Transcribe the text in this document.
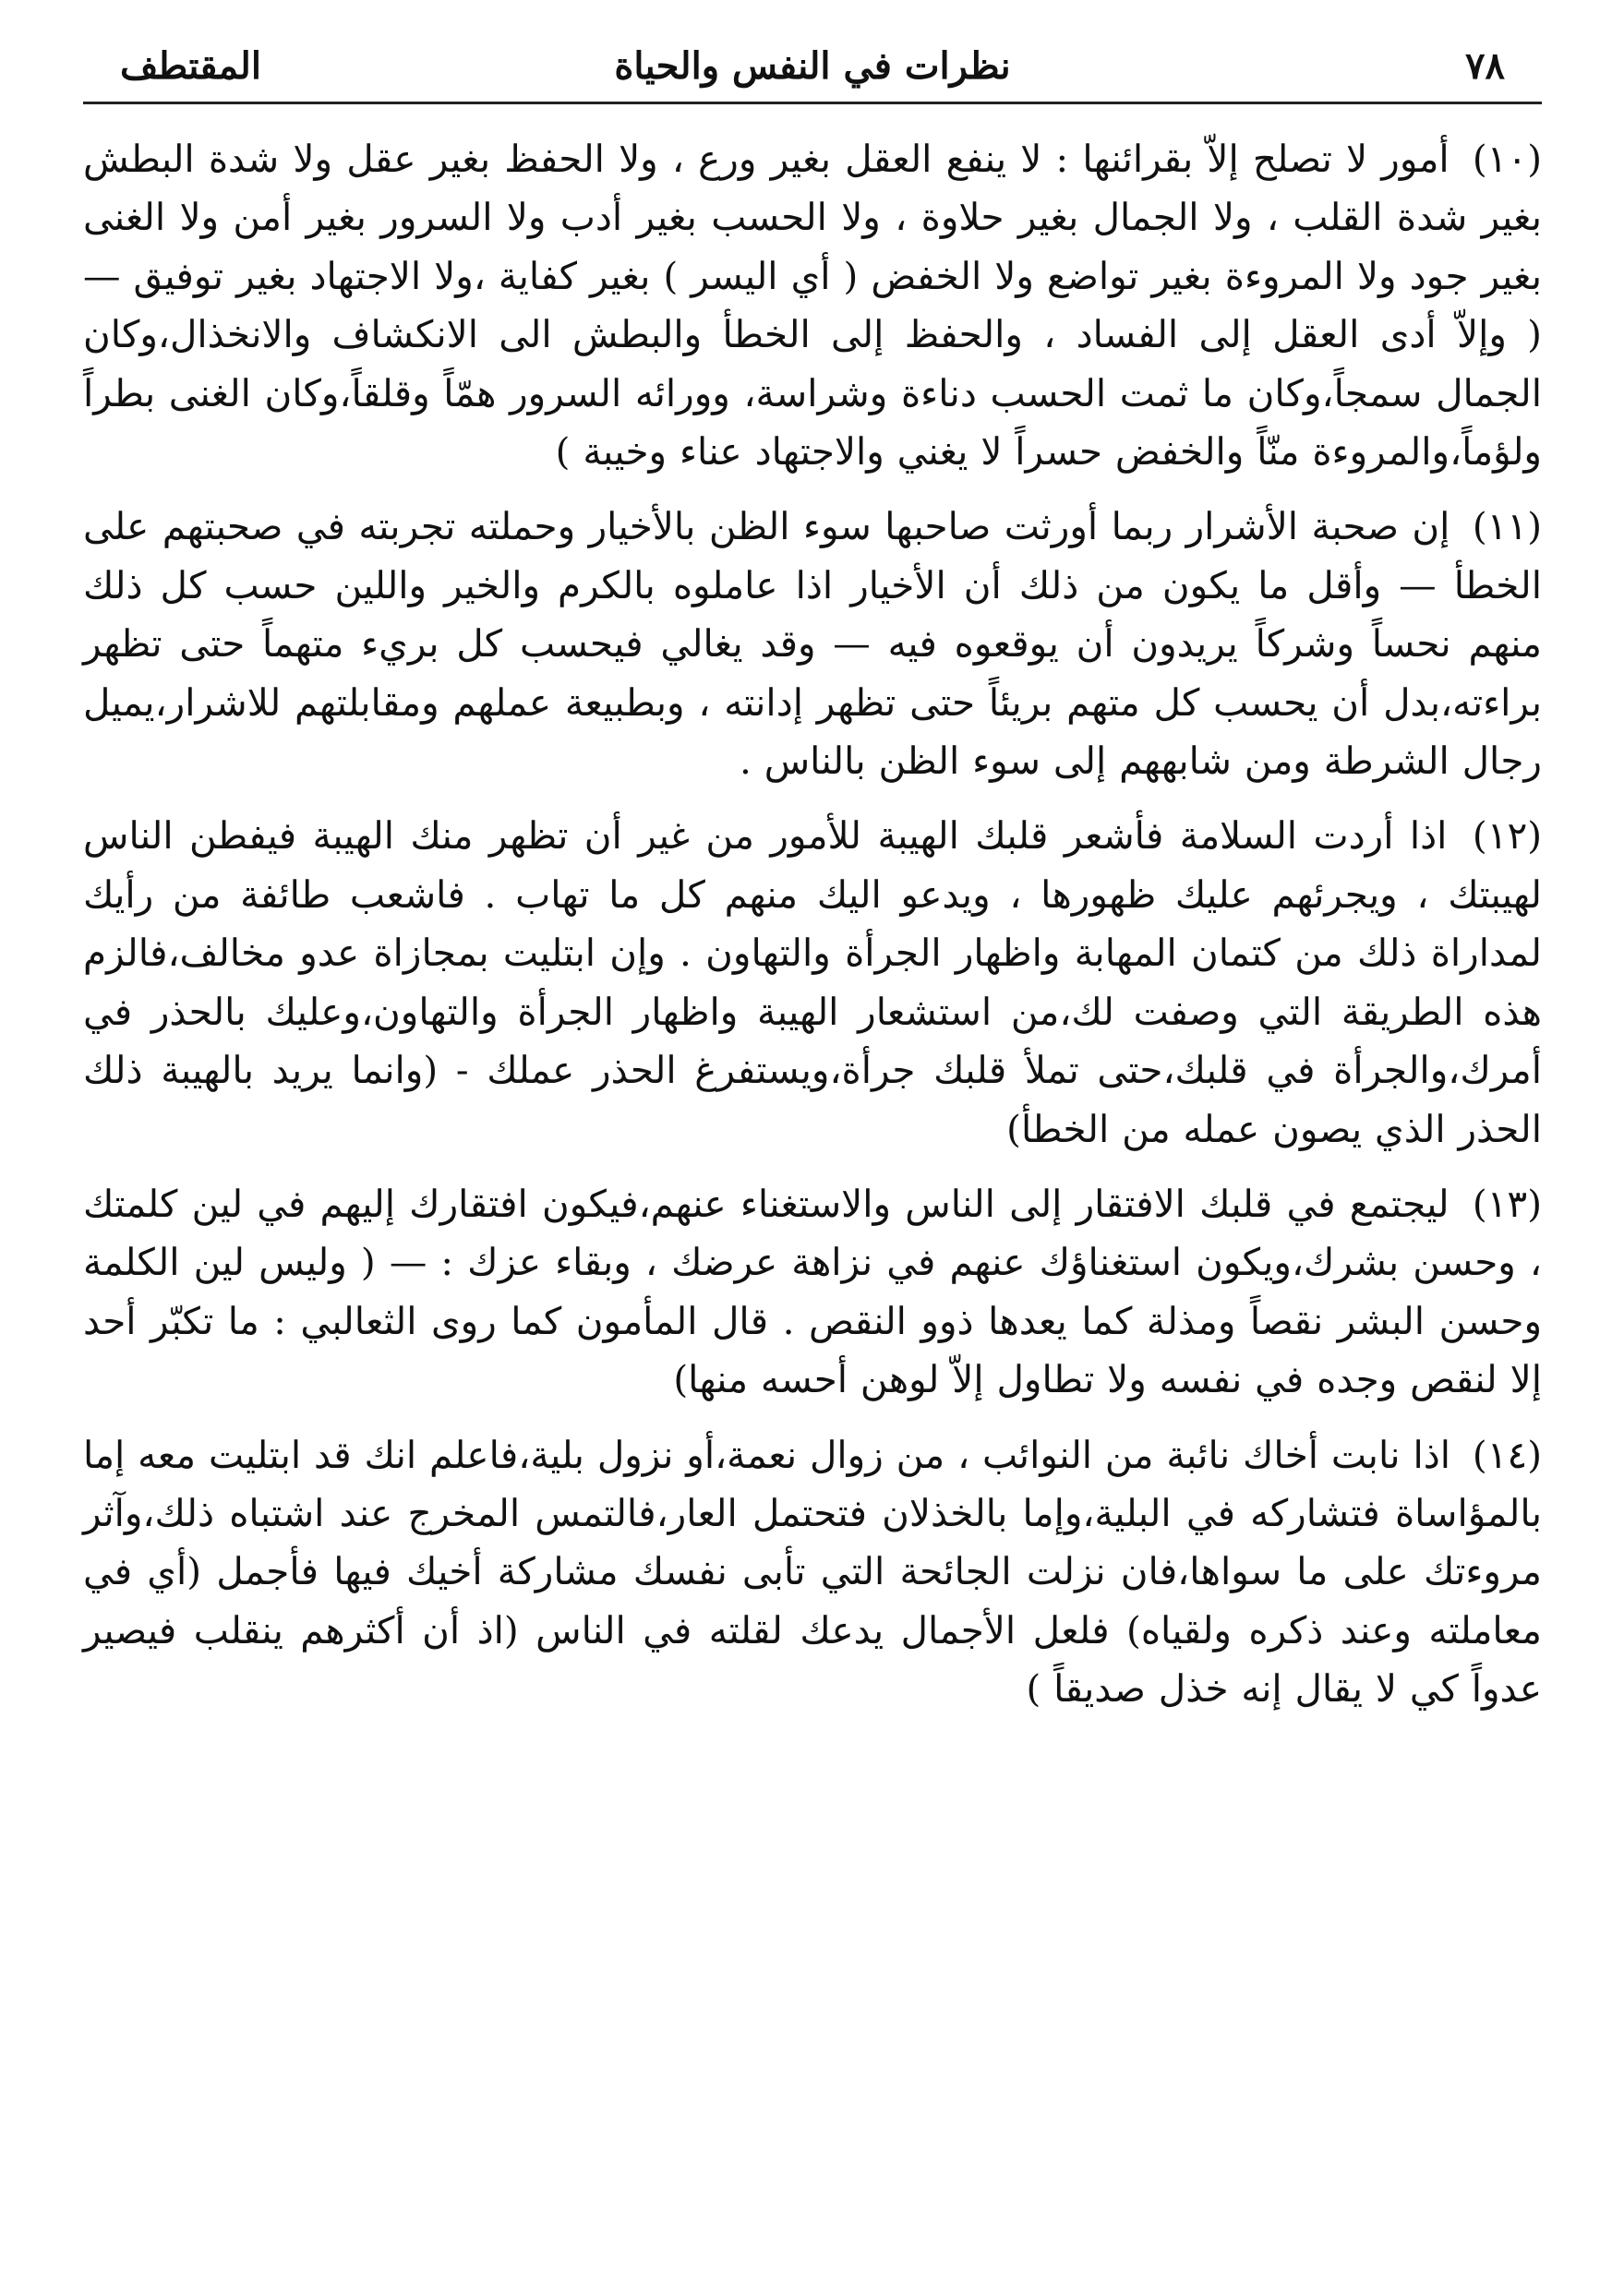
٧٨
نظرات في النفس والحياة
المقتطف

(١٠) أمور لا تصلح إلاّ بقرائنها : لا ينفع العقل بغير ورع ، ولا الحفظ بغير عقل ولا شدة البطش بغير شدة القلب ، ولا الجمال بغير حلاوة ، ولا الحسب بغير أدب ولا السرور بغير أمن ولا الغنى بغير جود ولا المروءة بغير تواضع ولا الخفض ( أي اليسر ) بغير كفاية ،ولا الاجتهاد بغير توفيق — ( وإلاّ أدى العقل إلى الفساد ، والحفظ إلى الخطأ والبطش الى الانكشاف والانخذال،وكان الجمال سمجاً،وكان ما ثمت الحسب دناءة وشراسة، وورائه السرور همّاً وقلقاً،وكان الغنى بطراً ولؤماً،والمروءة منّاً والخفض حسراً لا يغني والاجتهاد عناء وخيبة )

(١١) إن صحبة الأشرار ربما أورثت صاحبها سوء الظن بالأخيار وحملته تجربته في صحبتهم على الخطأ — وأقل ما يكون من ذلك أن الأخيار اذا عاملوه بالكرم والخير واللين حسب كل ذلك منهم نحساً وشركاً يريدون أن يوقعوه فيه — وقد يغالي فيحسب كل بريء متهماً حتى تظهر براءته،بدل أن يحسب كل متهم بريئاً حتى تظهر إدانته ، وبطبيعة عملهم ومقابلتهم للاشرار،يميل رجال الشرطة ومن شابههم إلى سوء الظن بالناس .

(١٢) اذا أردت السلامة فأشعر قلبك الهيبة للأمور من غير أن تظهر منك الهيبة فيفطن الناس لهيبتك ، ويجرئهم عليك ظهورها ، ويدعو اليك منهم كل ما تهاب . فاشعب طائفة من رأيك لمداراة ذلك من كتمان المهابة واظهار الجرأة والتهاون . وإن ابتليت بمجازاة عدو مخالف،فالزم هذه الطريقة التي وصفت لك،من استشعار الهيبة واظهار الجرأة والتهاون،وعليك بالحذر في أمرك،والجرأة في قلبك،حتى تملأ قلبك جرأة،ويستفرغ الحذر عملك - (وانما يريد بالهيبة ذلك الحذر الذي يصون عمله من الخطأ)

(١٣) ليجتمع في قلبك الافتقار إلى الناس والاستغناء عنهم،فيكون افتقارك إليهم في لين كلمتك ، وحسن بشرك،ويكون استغناؤك عنهم في نزاهة عرضك ، وبقاء عزك : — ( وليس لين الكلمة وحسن البشر نقصاً ومذلة كما يعدها ذوو النقص . قال المأمون كما روى الثعالبي : ما تكبّر أحد إلا لنقص وجده في نفسه ولا تطاول إلاّ لوهن أحسه منها)

(١٤) اذا نابت أخاك نائبة من النوائب ، من زوال نعمة،أو نزول بلية،فاعلم انك قد ابتليت معه إما بالمؤاساة فتشاركه في البلية،وإما بالخذلان فتحتمل العار،فالتمس المخرج عند اشتباه ذلك،وآثر مروءتك على ما سواها،فان نزلت الجائحة التي تأبى نفسك مشاركة أخيك فيها فأجمل (أي في معاملته وعند ذكره ولقياه) فلعل الأجمال يدعك لقلته في الناس (اذ أن أكثرهم ينقلب فيصير عدواً كي لا يقال إنه خذل صديقاً )
